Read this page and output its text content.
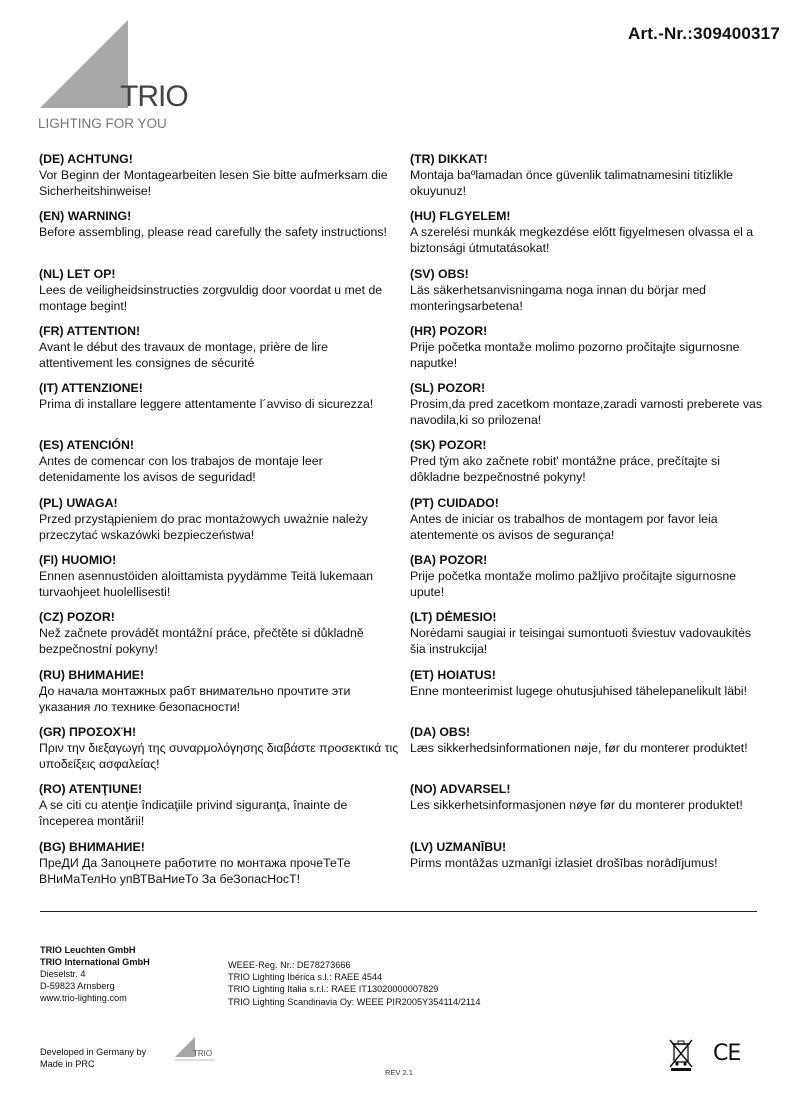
Art.-Nr.:309400317
TRIO
LIGHTING FOR YOU
(DE) ACHTUNG!
Vor Beginn der Montagearbeiten lesen Sie bitte aufmerksam die Sicherheitshinweise!
(EN) WARNING!
Before assembling, please read carefully the safety instructions!
(NL) LET OP!
Lees de veiligheidsinstructies zorgvuldig door voordat u met de montage begint!
(FR) ATTENTION!
Avant le début des travaux de montage, prière de lire attentivement les consignes de sécurité
(IT) ATTENZIONE!
Prima di installare leggere attentamente l´avviso di sicurezza!
(ES) ATENCIÓN!
Antes de comencar con los trabajos de montaje leer detenidamente los avisos de seguridad!
(PL) UWAGA!
Przed przystąpieniem do prac montażowych uważnie należy przeczytać wskazówki bezpieczeństwa!
(FI) HUOMIO!
Ennen asennustöiden aloittamista pyydämme Teitä lukemaan turvaohjeet huolellisesti!
(CZ) POZOR!
Než začnete provádět montážní práce, přečtěte si důkladně bezpečnostní pokyny!
(RU) ВНИМАНИЕ!
До начала монтажных рабт внимательно прочтите эти указания ло технике безопасности!
(GR) ΠΡΟΣΟΧΉ!
Πριν την διεξαγωγή της συναρμολόγησης διαβάστε προσεκτικά τις υποδείξεις ασφαλείας!
(RO) ATENŢIUNE!
A se citi cu atenţie îndicaţiile privind siguranţa, înainte de începerea montării!
(BG) ВНИМАНИЕ!
ПреДИ Да Запоцнете работите по монтажа прочеТеТе ВНиМаТелНо упВТВаНиеТо За беЗопасНосТ!
(TR) DIKKAT!
Montaja baºlamadan önce güvenlik talimatnamesini titizlikle okuyunuz!
(HU) FLGYELEM!
A szerelési munkák megkezdése előtt figyelmesen olvassa el a biztonsági útmutatásokat!
(SV) OBS!
Läs säkerhetsanvisningama noga innan du börjar med monteringsarbetena!
(HR) POZOR!
Prije početka montaže molimo pozorno pročitajte sigurnosne naputke!
(SL) POZOR!
Prosim,da pred zacetkom montaze,zaradi varnosti preberete vas navodila,ki so prilozena!
(SK) POZOR!
Pred tým ako začnete robit' montážne práce, prečítajte si dôkladne bezpečnostné pokyny!
(PT) CUIDADO!
Antes de iniciar os trabalhos de montagem por favor leia atentemente os avisos de segurança!
(BA) POZOR!
Prije početka montaže molimo pažljivo pročitajte sigurnosne upute!
(LT) DĖMESIO!
Norėdami saugiai ir teisingai sumontuoti šviestuv vadovaukitės šia instrukcija!
(ET) HOIATUS!
Enne monteerimist lugege ohutusjuhised tähelepanelikult läbi!
(DA) OBS!
Læs sikkerhedsinformationen nøje, før du monterer produktet!
(NO) ADVARSEL!
Les sikkerhetsinformasjonen nøye før du monterer produktet!
(LV) UZMANĪBU!
Pirms montāžas uzmanīgi izlasiet drošības norādījumus!
TRIO Leuchten GmbH
TRIO International GmbH
Dieselstr. 4
D-59823 Arnsberg
www.trio-lighting.com
WEEE-Reg. Nr.: DE78273666
TRIO Lighting Ibérica s.l.: RAEE 4544
TRIO Lighting Italia s.r.l.: RAEE IT13020000007829
TRIO Lighting Scandinavia Oy: WEEE PIR2005Y354114/2114
Developed in Germany by
Made in PRC
TRIO
REV 2.1
CE
